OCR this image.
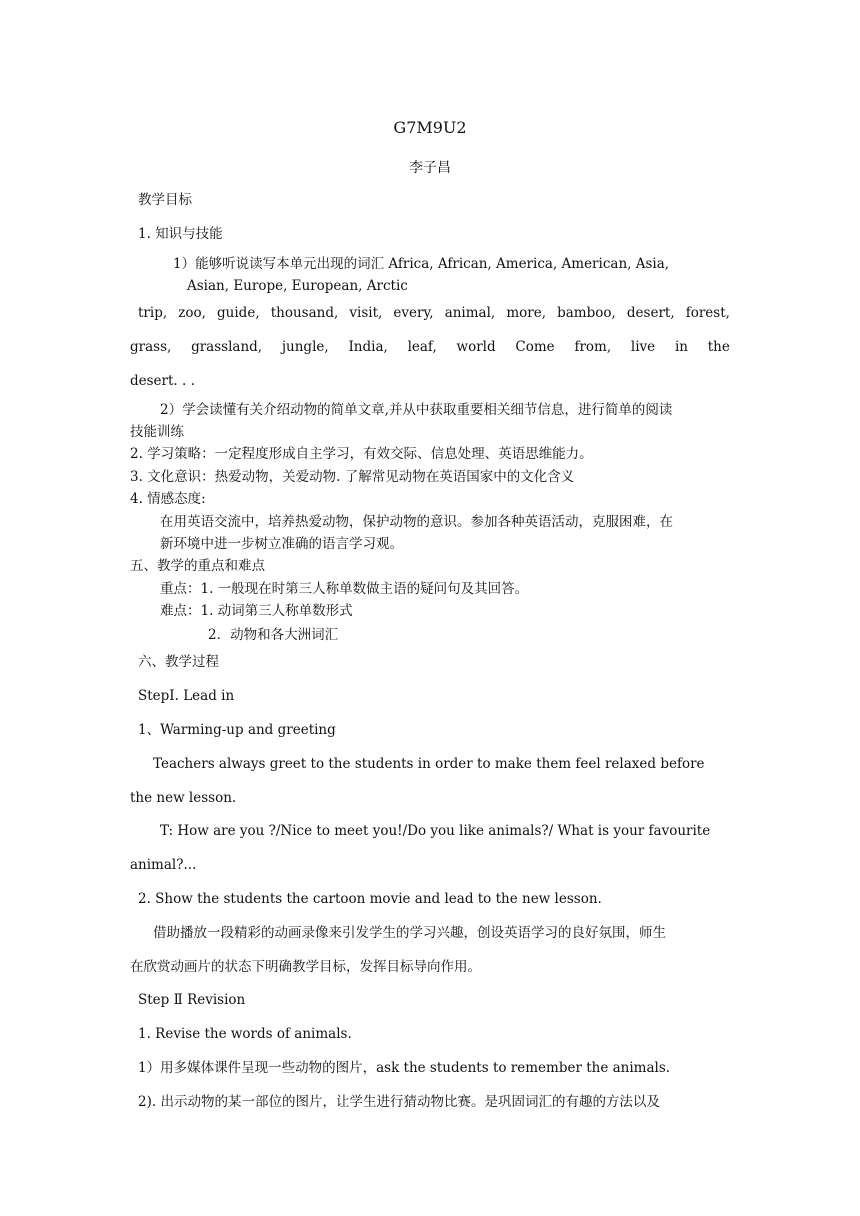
G7M9U2
李子昌
教学目标
1. 知识与技能
1）能够听说读写本单元出现的词汇 Africa, African, America, American, Asia,
Asian, Europe, European, Arctic
trip, zoo, guide, thousand, visit, every, animal, more, bamboo, desert, forest,
grass, grassland, jungle, India, leaf, world Come from, live in the
desert. . .
2）学会读懂有关介绍动物的简单文章,并从中获取重要相关细节信息，进行简单的阅读
技能训练
2. 学习策略：一定程度形成自主学习，有效交际、信息处理、英语思维能力。
3. 文化意识：热爱动物，关爱动物. 了解常见动物在英语国家中的文化含义
4. 情感态度:
在用英语交流中，培养热爱动物，保护动物的意识。参加各种英语活动，克服困难，在
新环境中进一步树立准确的语言学习观。
五、教学的重点和难点
重点：1. 一般现在时第三人称单数做主语的疑问句及其回答。
难点：1. 动词第三人称单数形式
2．动物和各大洲词汇
六、教学过程
StepⅠ. Lead in
1、Warming-up and greeting
Teachers always greet to the students in order to make them feel relaxed before
the new lesson.
T: How are you ?/Nice to meet you!/Do you like animals?/ What is your favourite
animal?...
2. Show the students the cartoon movie and lead to the new lesson.
借助播放一段精彩的动画录像来引发学生的学习兴趣，创设英语学习的良好氛围，师生
在欣赏动画片的状态下明确教学目标，发挥目标导向作用。
Step Ⅱ Revision
1. Revise the words of animals.
1）用多媒体课件呈现一些动物的图片，ask the students to remember the animals.
2). 出示动物的某一部位的图片，让学生进行猜动物比赛。是巩固词汇的有趣的方法以及
